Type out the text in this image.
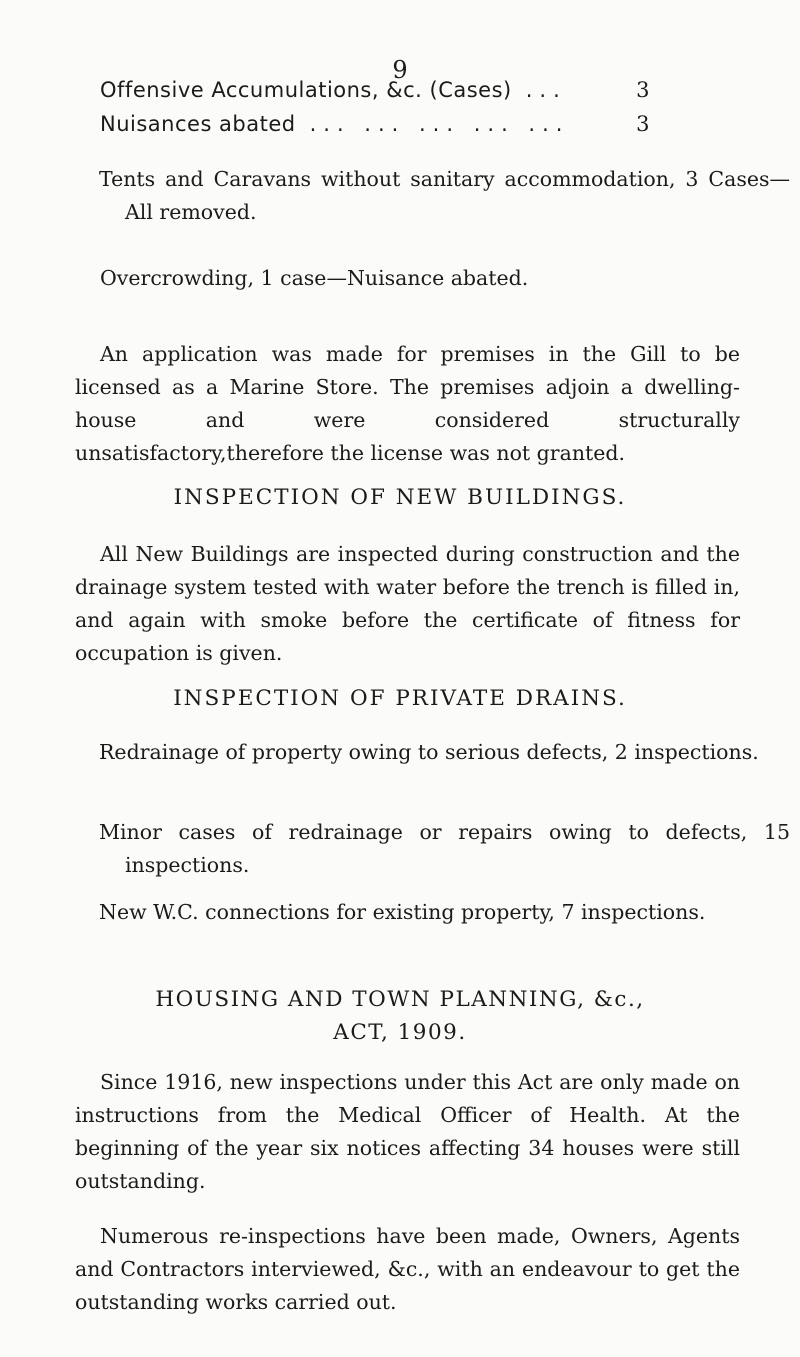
9
Offensive Accumulations, &c. (Cases) ...	3
Nuisances abated ... ... ... ... ...	3
Tents and Caravans without sanitary accommodation, 3 Cases—All removed.
Overcrowding, 1 case—Nuisance abated.
An application was made for premises in the Gill to be licensed as a Marine Store. The premises adjoin a dwelling-house and were considered structurally unsatisfactory,therefore the license was not granted.
INSPECTION OF NEW BUILDINGS.
All New Buildings are inspected during construction and the drainage system tested with water before the trench is filled in, and again with smoke before the certificate of fitness for occupation is given.
INSPECTION OF PRIVATE DRAINS.
Redrainage of property owing to serious defects, 2 inspections.
Minor cases of redrainage or repairs owing to defects, 15 inspections.
New W.C. connections for existing property, 7 inspections.
HOUSING AND TOWN PLANNING, &c.,
ACT, 1909.
Since 1916, new inspections under this Act are only made on instructions from the Medical Officer of Health. At the beginning of the year six notices affecting 34 houses were still outstanding.
Numerous re-inspections have been made, Owners, Agents and Contractors interviewed, &c., with an endeavour to get the outstanding works carried out.
